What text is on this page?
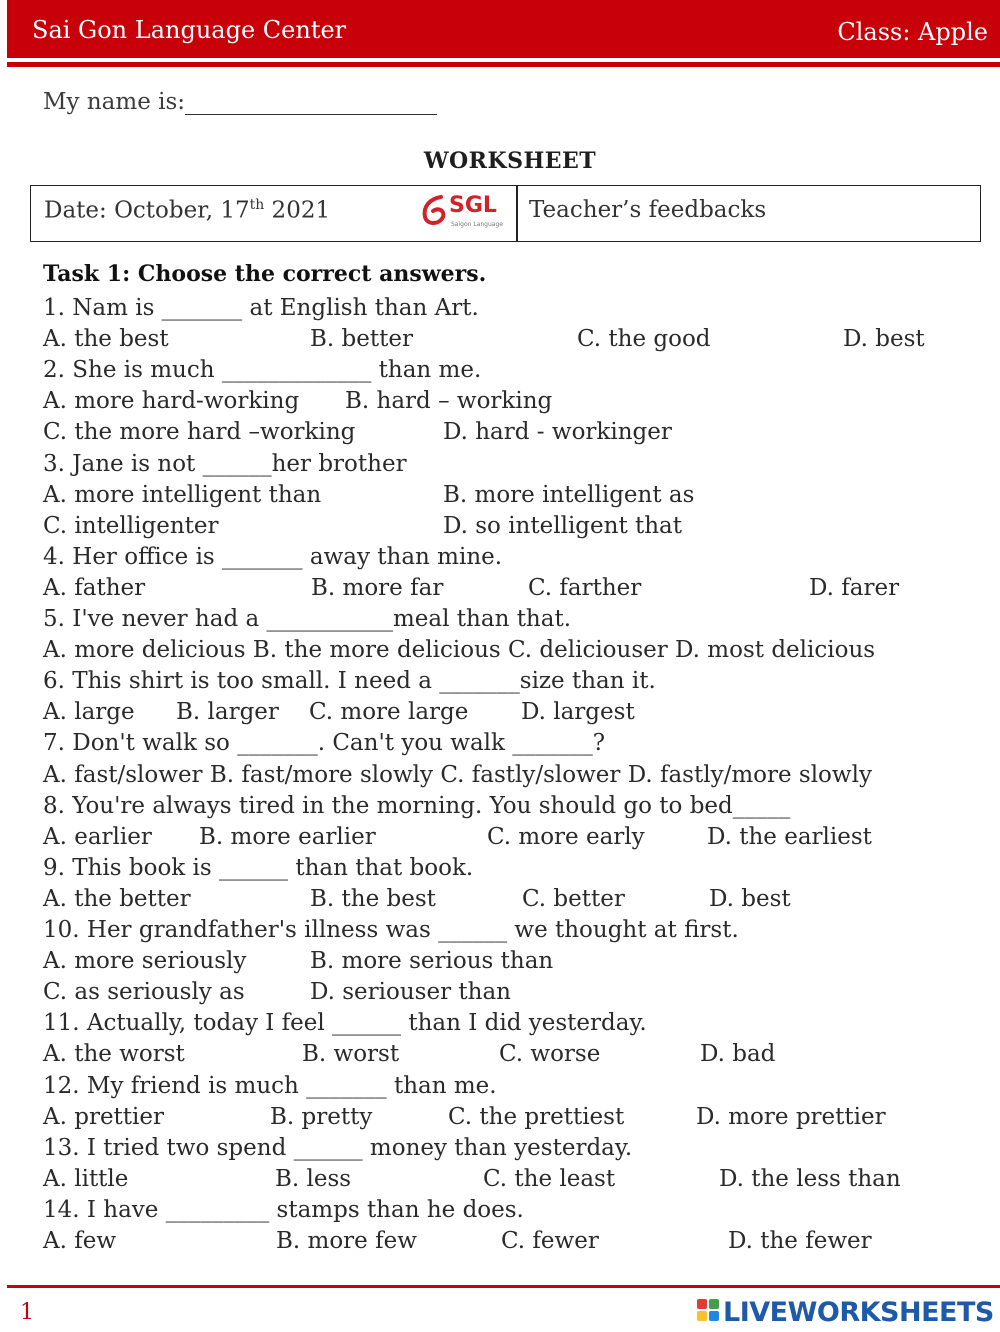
Sai Gon Language Center	Class: Apple
My name is:
WORKSHEET
Date: October, 17th 2021	SGL
Saigon Language
Teacher’s feedbacks
Task 1: Choose the correct answers.
1. Nam is _______ at English than Art.
A. the best	B. better	C. the good	D. best
2. She is much _____________ than me.
A. more hard-working B. hard – working
C. the more hard –working	D. hard - workinger
3. Jane is not ______her brother
A. more intelligent than	B. more intelligent as
C. intelligenter	D. so intelligent that
4. Her office is _______ away than mine.
A. father	B. more far	C. farther	D. farer
5. I've never had a ___________meal than that.
A. more delicious B. the more delicious C. deliciouser D. most delicious
6. This shirt is too small. I need a _______size than it.
A. large B. larger C. more large D. largest
7. Don't walk so _______. Can't you walk _______?
A. fast/slower B. fast/more slowly C. fastly/slower D. fastly/more slowly
8. You're always tired in the morning. You should go to bed_____
A. earlier B. more earlier	C. more early	D. the earliest
9. This book is ______ than that book.
A. the better	B. the best	C. better	D. best
10. Her grandfather's illness was ______ we thought at first.
A. more seriously	B. more serious than
C. as seriously as	D. seriouser than
11. Actually, today I feel ______ than I did yesterday.
A. the worst	B. worst	C. worse	D. bad
12. My friend is much _______ than me.
A. prettier	B. pretty	C. the prettiest	D. more prettier
13. I tried two spend ______ money than yesterday.
A. little	B. less	C. the least	D. the less than
14. I have _________ stamps than he does.
A. few	B. more few	C. fewer	D. the fewer
1	LIVEWORKSHEETS
